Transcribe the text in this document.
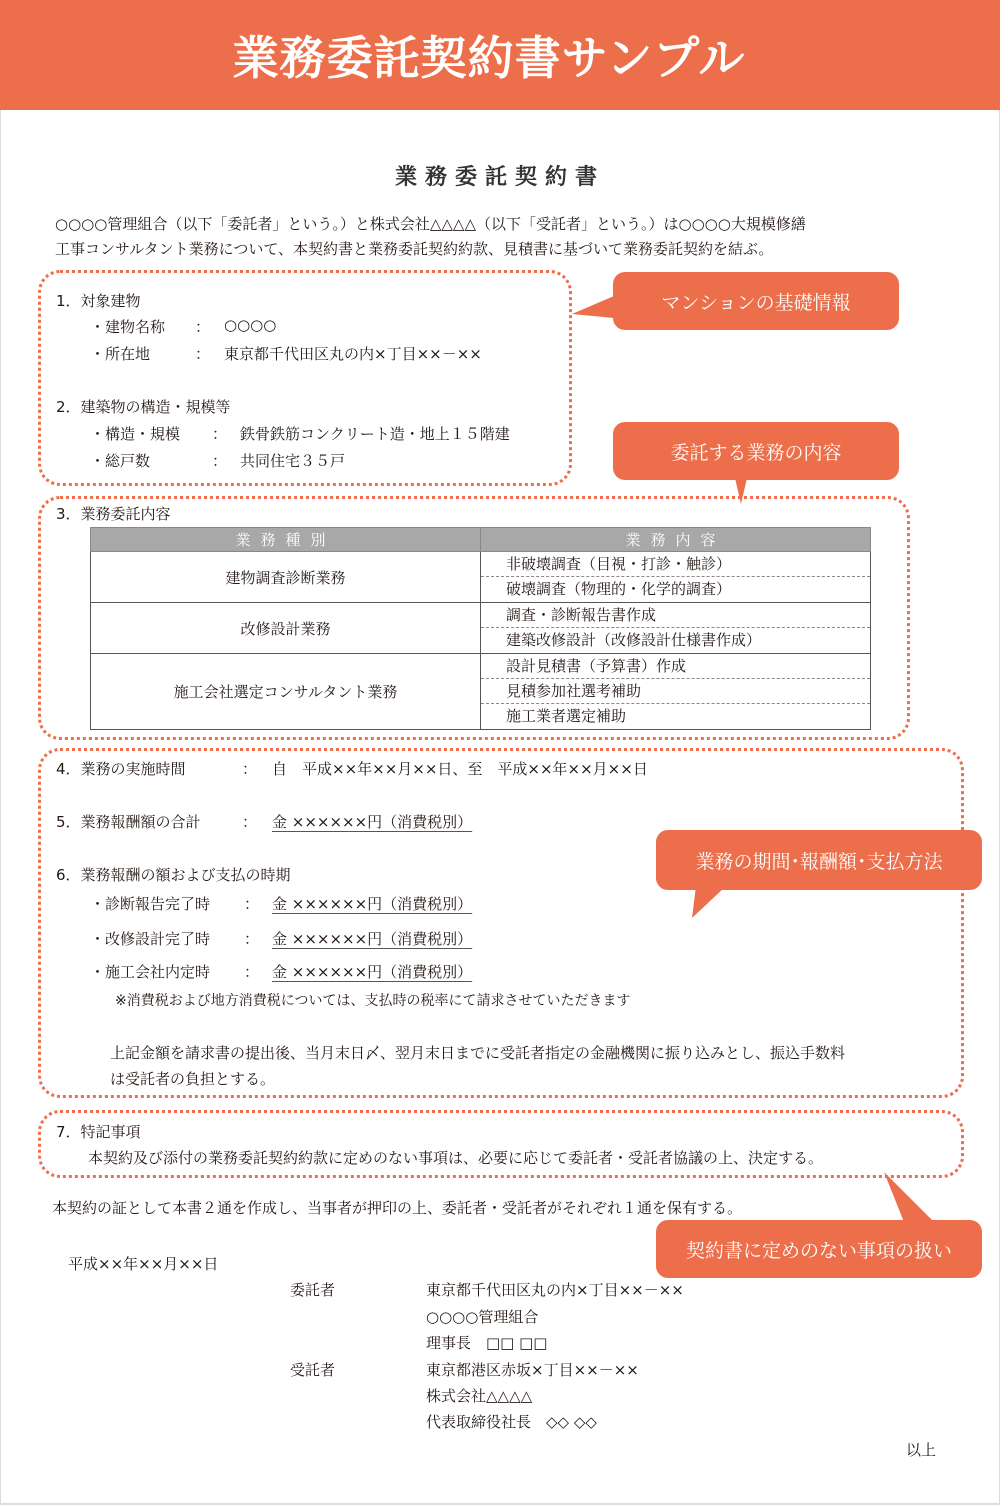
業務委託契約書サンプル
業務委託契約書
○○○○管理組合（以下「委託者」という。）と株式会社△△△△（以下「受託者」という。）は○○○○大規模修繕
工事コンサルタント業務について、本契約書と業務委託契約約款、見積書に基づいて業務委託契約を結ぶ。
1．対象建物
・建物名称 ： ○○○○
・所在地	： 東京都千代田区丸の内×丁目××－××
2．建築物の構造・規模等
・構造・規模 ： 鉄骨鉄筋コンクリート造・地上１５階建
・総戸数	： 共同住宅３５戸
マンションの基礎情報
委託する業務の内容
3．業務委託内容
業務種別	業務内容
建物調査診断業務	非破壊調査（目視・打診・触診）
破壊調査（物理的・化学的調査）

改修設計業務	調査・診断報告書作成
建築改修設計（改修設計仕様書作成）

施工会社選定コンサルタント業務	設計見積書（予算書）作成
見積参加社選考補助
施工業者選定補助
4．業務の実施時間	： 自　平成××年××月××日、至　平成××年××月××日
5．業務報酬額の合計	： 金 ××××××円（消費税別）
6．業務報酬の額および支払の時期
・診断報告完了時 ： 金 ××××××円（消費税別）
・改修設計完了時 ： 金 ××××××円（消費税別）
・施工会社内定時 ： 金 ××××××円（消費税別）
※消費税および地方消費税については、支払時の税率にて請求させていただきます
上記金額を請求書の提出後、当月末日〆、翌月末日までに受託者指定の金融機関に振り込みとし、振込手数料
は受託者の負担とする。
業務の期間･報酬額･支払方法
7．特記事項
本契約及び添付の業務委託契約約款に定めのない事項は、必要に応じて委託者・受託者協議の上、決定する。
本契約の証として本書２通を作成し、当事者が押印の上、委託者・受託者がそれぞれ１通を保有する。
契約書に定めのない事項の扱い
平成××年××月××日
委託者	東京都千代田区丸の内×丁目××－××
○○○○管理組合
理事長　□□ □□
受託者	東京都港区赤坂×丁目××－××
株式会社△△△△
代表取締役社長　◇◇ ◇◇
以上
